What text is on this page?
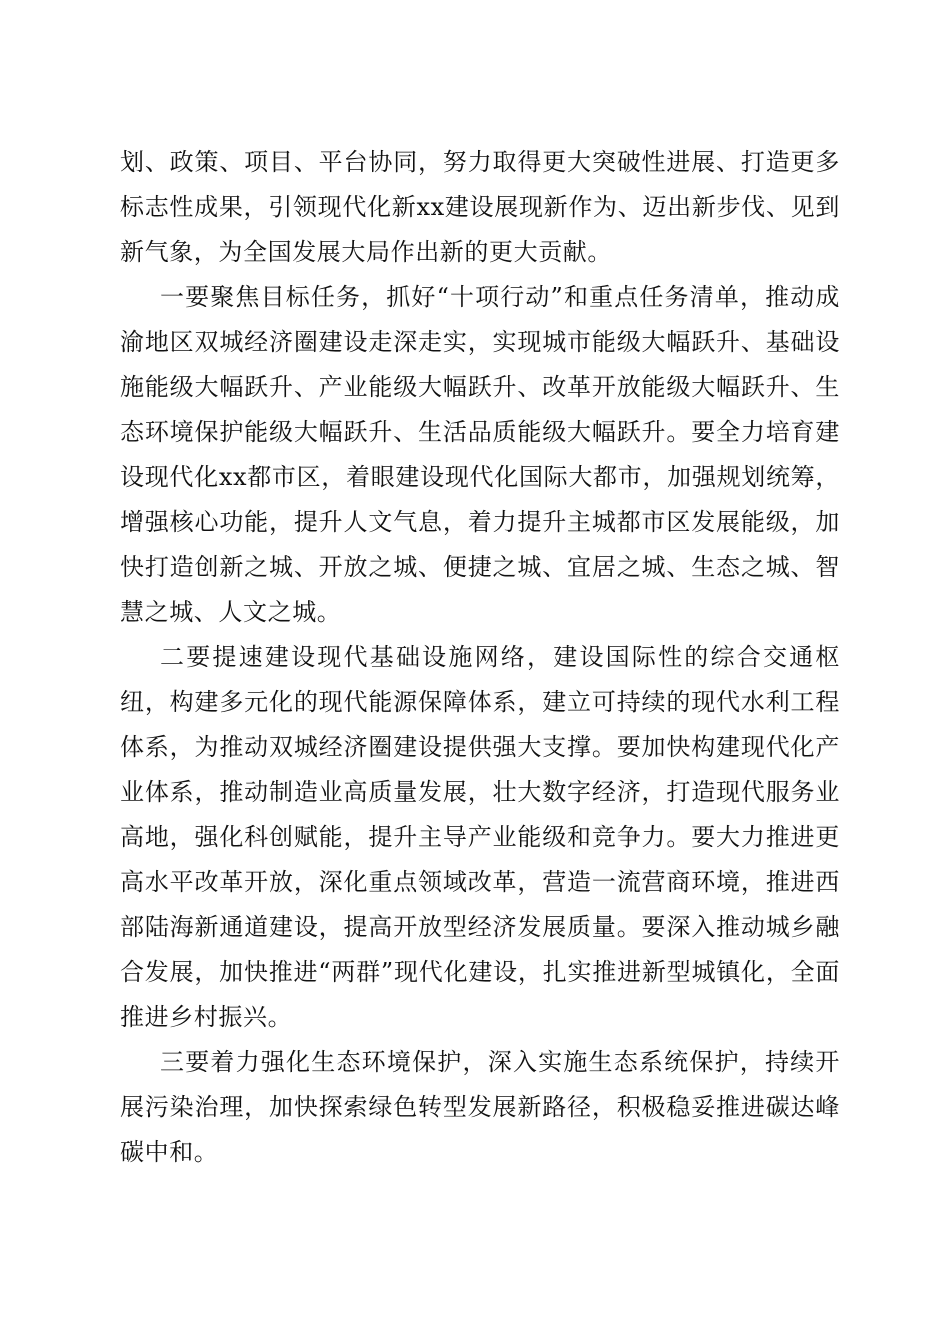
划、政策、项目、平台协同，努力取得更大突破性进展、打造更多标志性成果，引领现代化新xx建设展现新作为、迈出新步伐、见到新气象，为全国发展大局作出新的更大贡献。

一要聚焦目标任务，抓好“十项行动”和重点任务清单，推动成渝地区双城经济圈建设走深走实，实现城市能级大幅跃升、基础设施能级大幅跃升、产业能级大幅跃升、改革开放能级大幅跃升、生态环境保护能级大幅跃升、生活品质能级大幅跃升。要全力培育建设现代化xx都市区，着眼建设现代化国际大都市，加强规划统筹，增强核心功能，提升人文气息，着力提升主城都市区发展能级，加快打造创新之城、开放之城、便捷之城、宜居之城、生态之城、智慧之城、人文之城。

二要提速建设现代基础设施网络，建设国际性的综合交通枢纽，构建多元化的现代能源保障体系，建立可持续的现代水利工程体系，为推动双城经济圈建设提供强大支撑。要加快构建现代化产业体系，推动制造业高质量发展，壮大数字经济，打造现代服务业高地，强化科创赋能，提升主导产业能级和竞争力。要大力推进更高水平改革开放，深化重点领域改革，营造一流营商环境，推进西部陆海新通道建设，提高开放型经济发展质量。要深入推动城乡融合发展，加快推进“两群”现代化建设，扎实推进新型城镇化，全面推进乡村振兴。

三要着力强化生态环境保护，深入实施生态系统保护，持续开展污染治理，加快探索绿色转型发展新路径，积极稳妥推进碳达峰碳中和。
